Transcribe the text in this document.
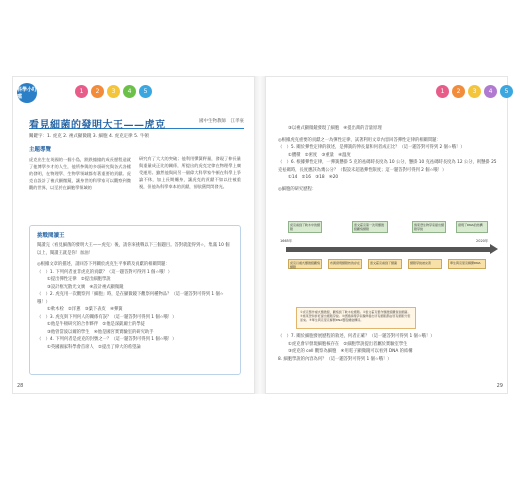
科學小叮噹
1	2	3	4	5
看見細菌的發明大王——虎克	國中生物教師　江孝豪
關鍵字：1. 虎克 2. 複式顯微鏡 3. 細胞 4. 虎克定律 5. 牛頓
主題導覽
虎克出生在英國的一個小島，跌跌撞撞的成長歷程造就了他博學多才的人生，他所參與的多項研究與各式各樣的發明，在物理學、生物學領域都有著重要的貢獻。虎克自設計了複式顯微鏡，讓身世的科學家可以觀察到微觀的世界，以至於在細胞學領域的
研究有了大大的突破；他利用彈簧秤量，發現了伸長量與重量成正比的關係，所提出的虎克定律在物理學上廣受運用。雖然他與同另一個偉大科學家牛頓在科學上爭論不休，加上長期纏身，讓虎克的貢獻不如以往被重視，但他為科學奉本的貢獻，卻依舊閃閃發光。
挑戰閱讀王
閱讀完〈看見細菌的發明大王——虎克〉後，請你來挑戰以下三個題目。答對就能得到☆，集滿 10 個以上，閱讀王就是你！加油！
◎根據文章的描述，請回答下列關於虎克生平事蹟及貢獻的相關問題：
（　）1. 下列何者並非虎克的貢獻？（這一題答對可得到 1 個☆哦！）
①提出彈性定律　②提出細胞學說
③設計框光散光文廣　④設計複式顯微鏡
（　）2. 虎克用一次觀察到「細胞」時，是在顯微鏡下觀察何種物品？（這一題答對可得到 1 個☆哦！）
①軟木栓　②洋蔥　③葉下表皮　④彈簧
（　）3. 虎克與下列何人的關係有誤？（這一題答對可得到 1 個☆哦！）
①他是牛頓研究的合作夥伴　②他是深凱爾士的學徒
③他曾當波以爾的學生　④他是國宮實實驗室的研究助手
（　）4. 下列何者是虎克的封號之一？（這一題答對可得到 1 個☆哦！）
①英國國家科學會首席人　②提出了偉大的希望論
28
1	2	3	4	5
③以複式顯微鏡發現了細胞　④提出萬的音量原理
◎根據虎克重要的貢獻之一為彈性定律，試著利用文章內容回答彈性定律的相關問題：
（　）5. 關於彈性定律的敘述，是彈簧的伸長量和何者成正比？（這一題答對可得到 2 個☆哦！）
①體積　②密度　③重量　④溫度
（　）6. 根據彈性定律，一彈簧懸掛 5 克的祛碼時長度為 10 公分，懸掛 10 克祛碼時長度為 12 公分，則懸掛 25 克祛碼時，長度應該為幾公分？（假設未超過彈性限度；這一題答對可得到 2 個☆哦！）
①14　②16　③18　④20
◎細胞的研究歷程：
1665年	2020年
虎克看到了軟木中的細胞
雷文霍克第一次用顯微鏡觀察細胞
施萊登生物學家提出細胞學說
發現了DNA的結構
虎克以複式顯微鏡觀察細胞
布朗發現細胞核的存在	雷文霍克看到了細菌	細胞學說被完善	華生與克里克解開DNA
①虎克製作複式顯微鏡，觀察到了軟木栓細胞。②雷文霍克製作顯微鏡觀察到細菌。③施萊登和許旺提出細胞學說。④德國病理學家魏修提出所有細胞都由原有細胞分裂而來。⑤華生與克里克解開DNA雙股螺旋構造。
（　）7. 關於細胞發展歷程的敘述，何者正確？（這一題答對可得到 1 個☆哦！）
①虎克會早發現細胞核存在　②細胞學說提出者屬於實驗室學生
③虎克的 cell 觀察為細胞　④用電子顯微鏡可以看到 DNA 的結構
8. 細胞學說的內容為何？（這一題答對可得到 1 個☆哦！）
29
